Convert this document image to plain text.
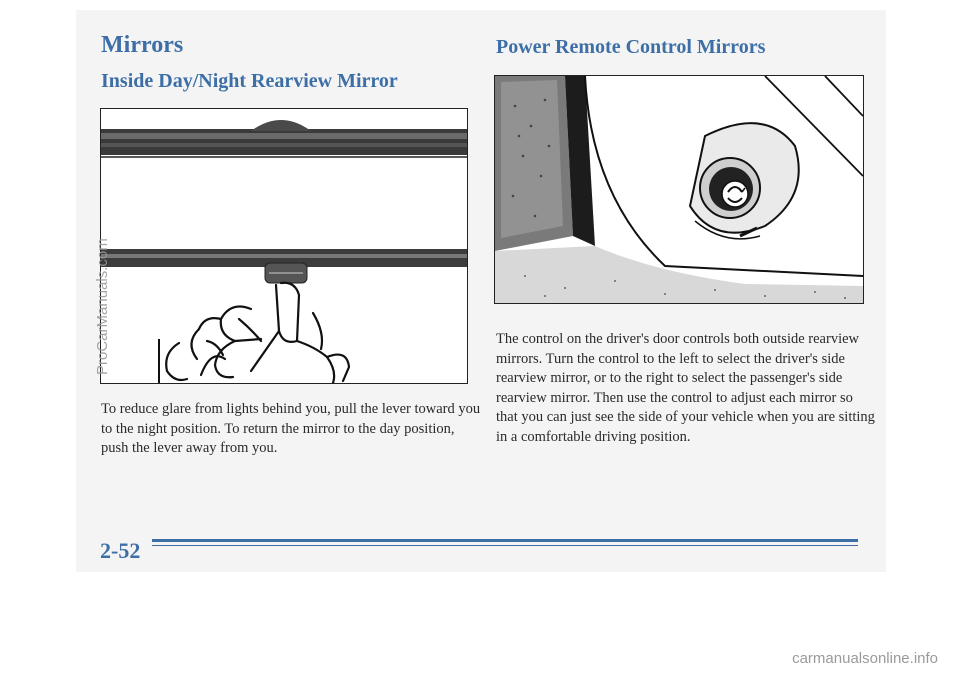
Mirrors
Inside Day/Night Rearview Mirror

To reduce glare from lights behind you, pull the lever toward you to the night position. To return the mirror to the day position, push the lever away from you.

Power Remote Control Mirrors

The control on the driver's door controls both outside rearview mirrors. Turn the control to the left to select the driver's side rearview mirror, or to the right to select the passenger's side rearview mirror. Then use the control to adjust each mirror so that you can just see the side of your vehicle when you are sitting in a comfortable driving position.

2-52
ProCarManuals.com
carmanualsonline.info
